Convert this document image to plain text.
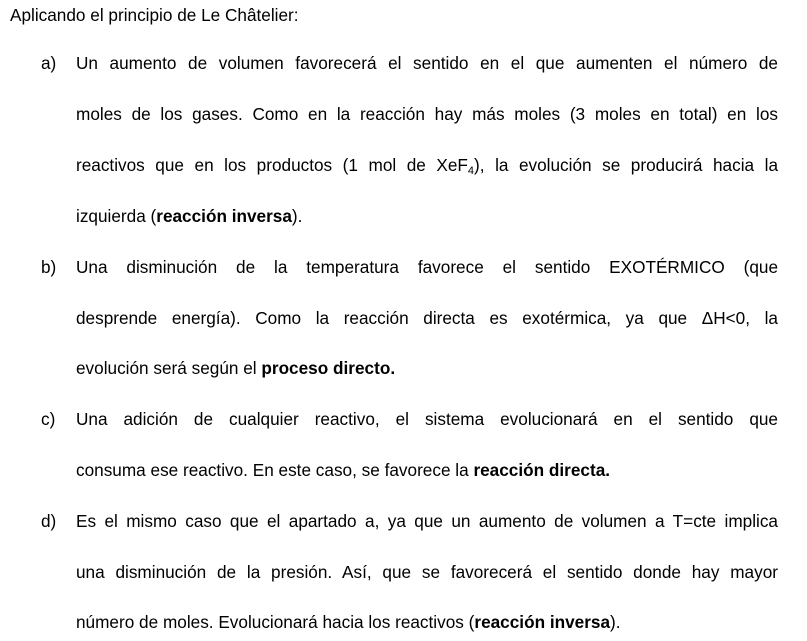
Aplicando el principio de Le Châtelier:
a) Un aumento de volumen favorecerá el sentido en el que aumenten el número de
moles de los gases. Como en la reacción hay más moles (3 moles en total) en los
reactivos que en los productos (1 mol de XeF$_4$), la evolución se producirá hacia la
izquierda (reacción inversa).
b) Una disminución de la temperatura favorece el sentido EXOTÉRMICO (que
desprende energía). Como la reacción directa es exotérmica, ya que ΔH<0, la
evolución será según el proceso directo.
c) Una adición de cualquier reactivo, el sistema evolucionará en el sentido que
consuma ese reactivo. En este caso, se favorece la reacción directa.
d) Es el mismo caso que el apartado a, ya que un aumento de volumen a T=cte implica
una disminución de la presión. Así, que se favorecerá el sentido donde hay mayor
número de moles. Evolucionará hacia los reactivos (reacción inversa).
